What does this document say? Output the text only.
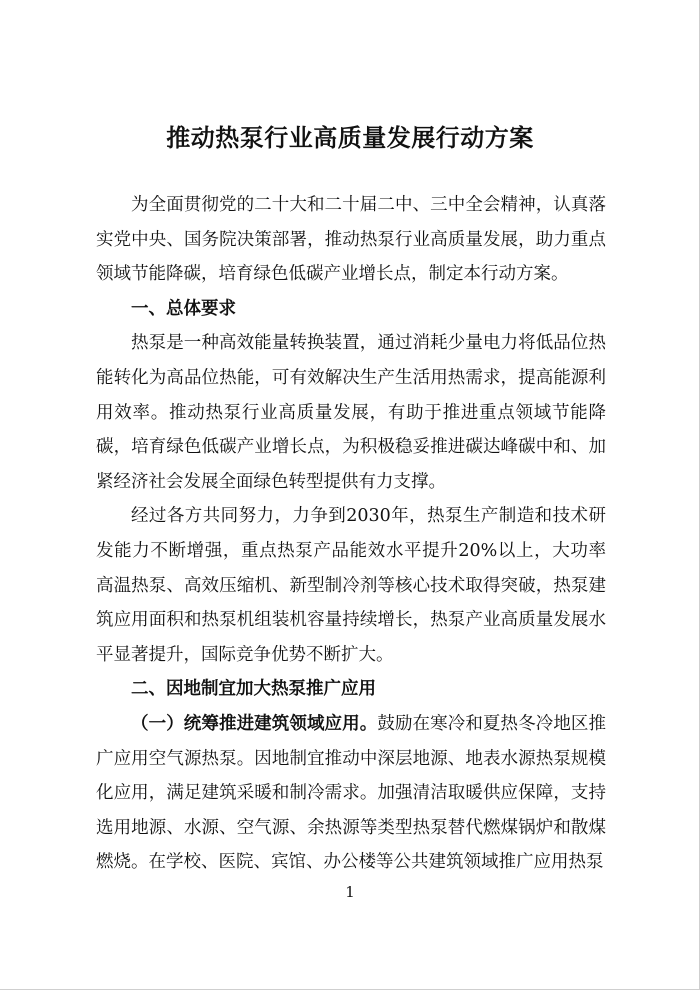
推动热泵行业高质量发展行动方案

为全面贯彻党的二十大和二十届二中、三中全会精神，认真落实党中央、国务院决策部署，推动热泵行业高质量发展，助力重点领域节能降碳，培育绿色低碳产业增长点，制定本行动方案。

一、总体要求

热泵是一种高效能量转换装置，通过消耗少量电力将低品位热能转化为高品位热能，可有效解决生产生活用热需求，提高能源利用效率。推动热泵行业高质量发展，有助于推进重点领域节能降碳，培育绿色低碳产业增长点，为积极稳妥推进碳达峰碳中和、加紧经济社会发展全面绿色转型提供有力支撑。

经过各方共同努力，力争到2030年，热泵生产制造和技术研发能力不断增强，重点热泵产品能效水平提升20%以上，大功率高温热泵、高效压缩机、新型制冷剂等核心技术取得突破，热泵建筑应用面积和热泵机组装机容量持续增长，热泵产业高质量发展水平显著提升，国际竞争优势不断扩大。

二、因地制宜加大热泵推广应用

（一）统筹推进建筑领域应用。鼓励在寒冷和夏热冬冷地区推广应用空气源热泵。因地制宜推动中深层地源、地表水源热泵规模化应用，满足建筑采暖和制冷需求。加强清洁取暖供应保障，支持选用地源、水源、空气源、余热源等类型热泵替代燃煤锅炉和散煤燃烧。在学校、医院、宾馆、办公楼等公共建筑领域推广应用热泵

1
